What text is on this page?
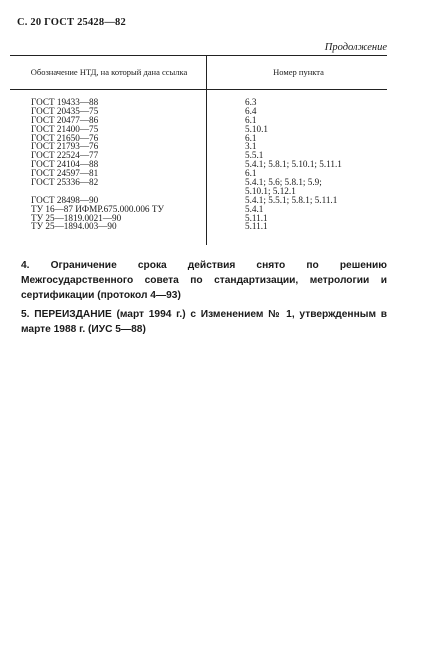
С. 20 ГОСТ 25428—82
Продолжение
Обозначение НТД, на который дана ссылка	Номер пункта
ГОСТ 19433—88	6.3
ГОСТ 20435—75	6.4
ГОСТ 20477—86	6.1
ГОСТ 21400—75	5.10.1
ГОСТ 21650—76	6.1
ГОСТ 21793—76	3.1
ГОСТ 22524—77	5.5.1
ГОСТ 24104—88	5.4.1; 5.8.1; 5.10.1; 5.11.1
ГОСТ 24597—81	6.1
ГОСТ 25336—82	5.4.1; 5.6; 5.8.1; 5.9;
5.10.1; 5.12.1
ГОСТ 28498—90	5.4.1; 5.5.1; 5.8.1; 5.11.1
ТУ 16—87 ИФМР.675.000.006 ТУ	5.4.1
ТУ 25—1819.0021—90	5.11.1
ТУ 25—1894.003—90	5.11.1
4. Ограничение срока действия снято по решению Межгосударственного совета по стандартизации, метрологии и сертификации (протокол 4—93)
5. ПЕРЕИЗДАНИЕ (март 1994 г.) с Изменением № 1, утвержденным в марте 1988 г. (ИУС 5—88)
